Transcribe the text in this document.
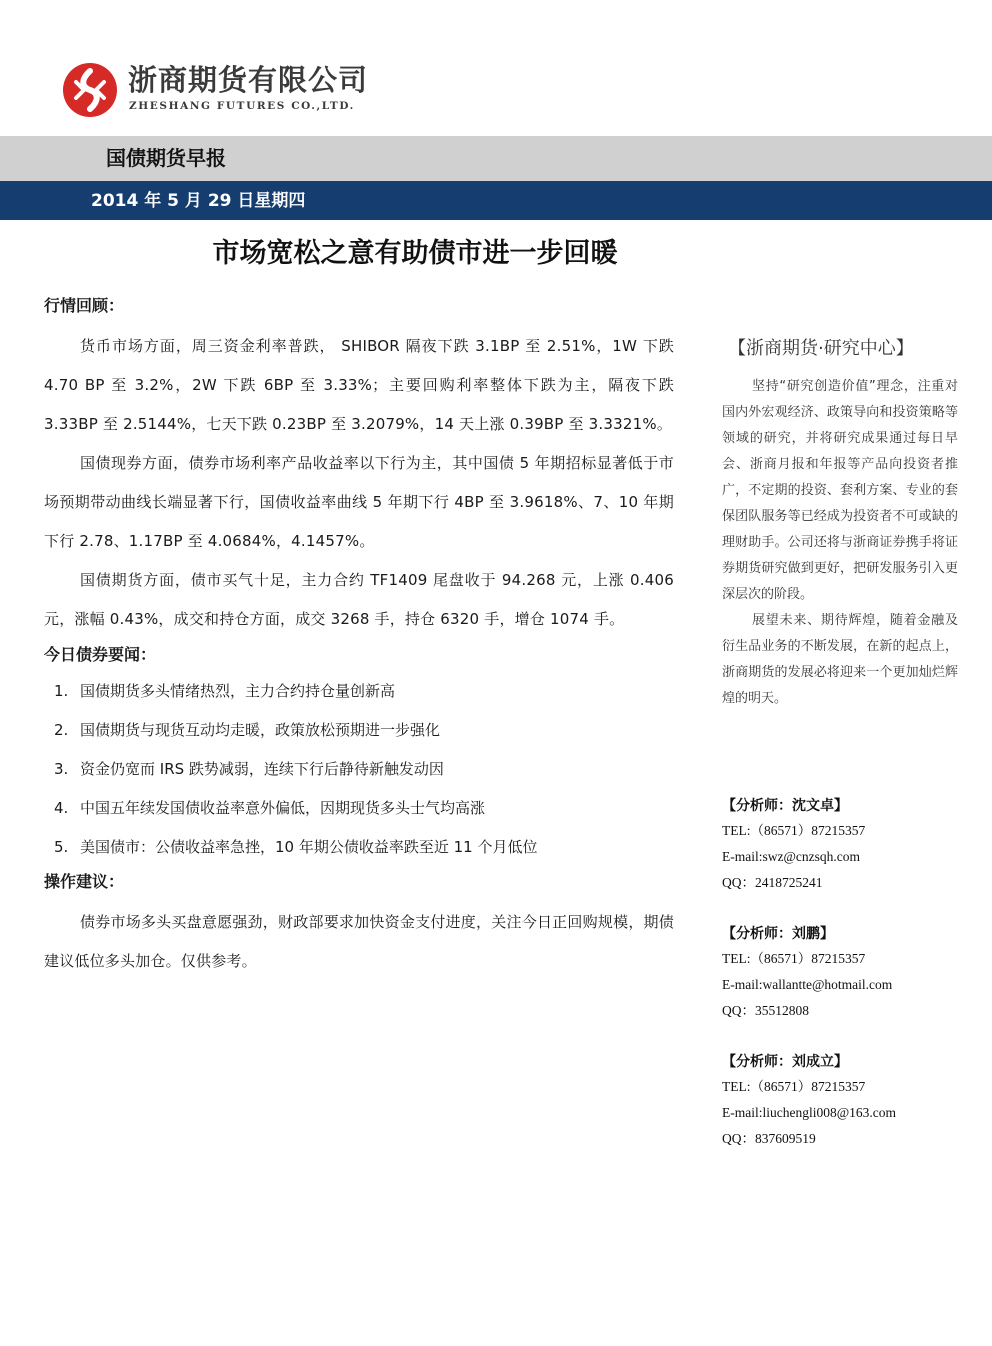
浙商期货有限公司
ZHESHANG FUTURES CO.,LTD.
国债期货早报
2014 年 5 月 29 日星期四
市场宽松之意有助债市进一步回暖

行情回顾：

货币市场方面，周三资金利率普跌， SHIBOR 隔夜下跌 3.1BP 至 2.51%，1W 下跌 4.70 BP 至 3.2%，2W 下跌 6BP 至 3.33%；主要回购利率整体下跌为主，隔夜下跌 3.33BP 至 2.5144%，七天下跌 0.23BP 至 3.2079%，14 天上涨 0.39BP 至 3.3321%。

国债现券方面，债券市场利率产品收益率以下行为主，其中国债 5 年期招标显著低于市场预期带动曲线长端显著下行，国债收益率曲线 5 年期下行 4BP 至 3.9618%、7、10 年期下行 2.78、1.17BP 至 4.0684%，4.1457%。

国债期货方面，债市买气十足，主力合约 TF1409 尾盘收于 94.268 元，上涨 0.406 元，涨幅 0.43%，成交和持仓方面，成交 3268 手，持仓 6320 手，增仓 1074 手。

今日债券要闻：

1. 国债期货多头情绪热烈，主力合约持仓量创新高
2. 国债期货与现货互动均走暖，政策放松预期进一步强化
3. 资金仍宽而 IRS 跌势减弱，连续下行后静待新触发动因
4. 中国五年续发国债收益率意外偏低，因期现货多头士气均高涨
5. 美国债市：公债收益率急挫，10 年期公债收益率跌至近 11 个月低位

操作建议：

债券市场多头买盘意愿强劲，财政部要求加快资金支付进度，关注今日正回购规模，期债建议低位多头加仓。仅供参考。

【浙商期货·研究中心】

坚持“研究创造价值”理念，注重对国内外宏观经济、政策导向和投资策略等领域的研究，并将研究成果通过每日早会、浙商月报和年报等产品向投资者推广，不定期的投资、套利方案、专业的套保团队服务等已经成为投资者不可或缺的理财助手。公司还将与浙商证券携手将证券期货研究做到更好，把研发服务引入更深层次的阶段。

展望未来、期待辉煌，随着金融及衍生品业务的不断发展，在新的起点上，浙商期货的发展必将迎来一个更加灿烂辉煌的明天。

【分析师：沈文卓】
TEL:（86571）87215357
E-mail:swz@cnzsqh.com
QQ：2418725241
【分析师：刘鹏】
TEL:（86571）87215357
E-mail:wallantte@hotmail.com
QQ：35512808
【分析师：刘成立】
TEL:（86571）87215357
E-mail:liuchengli008@163.com
QQ：837609519
